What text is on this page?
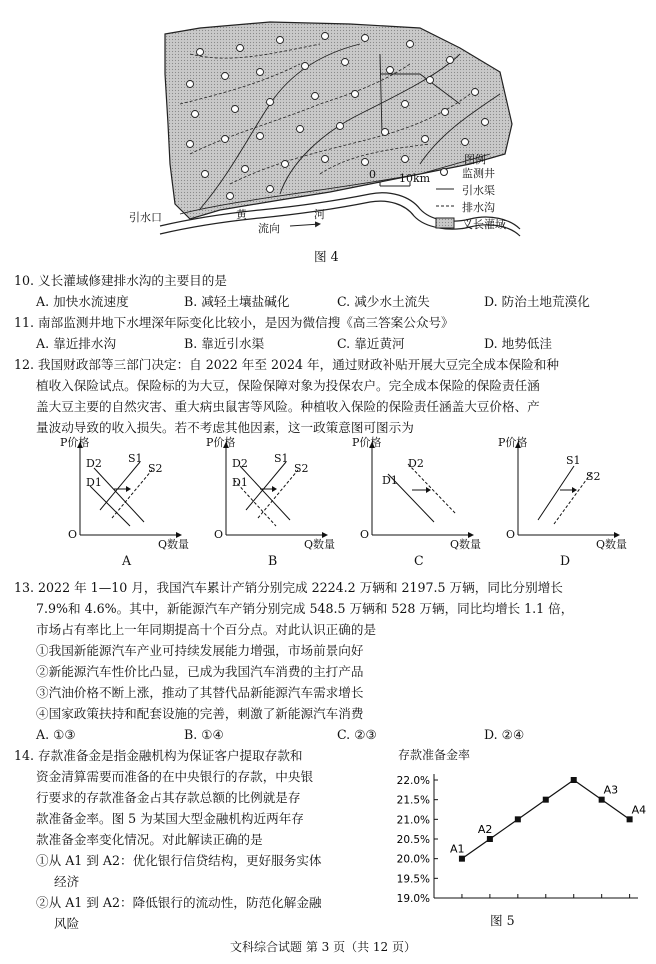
0 10km
图例
监测井
引水渠
排水沟
义长灌域
引水口	黄	河
流向
图 4
10. 义长灌域修建排水沟的主要目的是
A. 加快水流速度	B. 减轻土壤盐碱化	C. 减少水土流失	D. 防治土地荒漠化
11. 南部监测井地下水埋深年际变化比较小，是因为微信搜《高三答案公众号》
A. 靠近排水沟	B. 靠近引水渠	C. 靠近黄河	D. 地势低洼
12. 我国财政部等三部门决定：自 2022 年至 2024 年，通过财政补贴开展大豆完全成本保险和种
植收入保险试点。保险标的为大豆，保险保障对象为投保农户。完全成本保险的保险责任涵
盖大豆主要的自然灾害、重大病虫鼠害等风险。种植收入保险的保险责任涵盖大豆价格、产
量波动导致的收入损失。若不考虑其他因素，这一政策意图可图示为
P价格
D2 S1
D1
S2
O
Q数量
A
P价格
D2 S1
D1
S2
O
Q数量
B
P价格
D2
D1
O
Q数量
C
P价格
S1
S2
O
Q数量
D
13. 2022 年 1—10 月，我国汽车累计产销分别完成 2224.2 万辆和 2197.5 万辆，同比分别增长
7.9%和 4.6%。其中，新能源汽车产销分别完成 548.5 万辆和 528 万辆，同比均增长 1.1 倍，
市场占有率比上一年同期提高十个百分点。对此认识正确的是
①我国新能源汽车产业可持续发展能力增强，市场前景向好
②新能源汽车性价比凸显，已成为我国汽车消费的主打产品
③汽油价格不断上涨，推动了其替代品新能源汽车需求增长
④国家政策扶持和配套设施的完善，刺激了新能源汽车消费
A. ①③	B. ①④	C. ②③	D. ②④
14. 存款准备金是指金融机构为保证客户提取存款和
资金清算需要而准备的在中央银行的存款，中央银
行要求的存款准备金占其存款总额的比例就是存
款准备金率。图 5 为某国大型金融机构近两年存
款准备金率变化情况。对此解读正确的是
①从 A1 到 A2：优化银行信贷结构，更好服务实体
经济
②从 A1 到 A2：降低银行的流动性，防范化解金融
风险
存款准备金率
19.0%
19.5%
20.0%
20.5%
21.0%
21.5%
22.0%
A1
A2
A3
A4
图 5
文科综合试题 第 3 页（共 12 页）
